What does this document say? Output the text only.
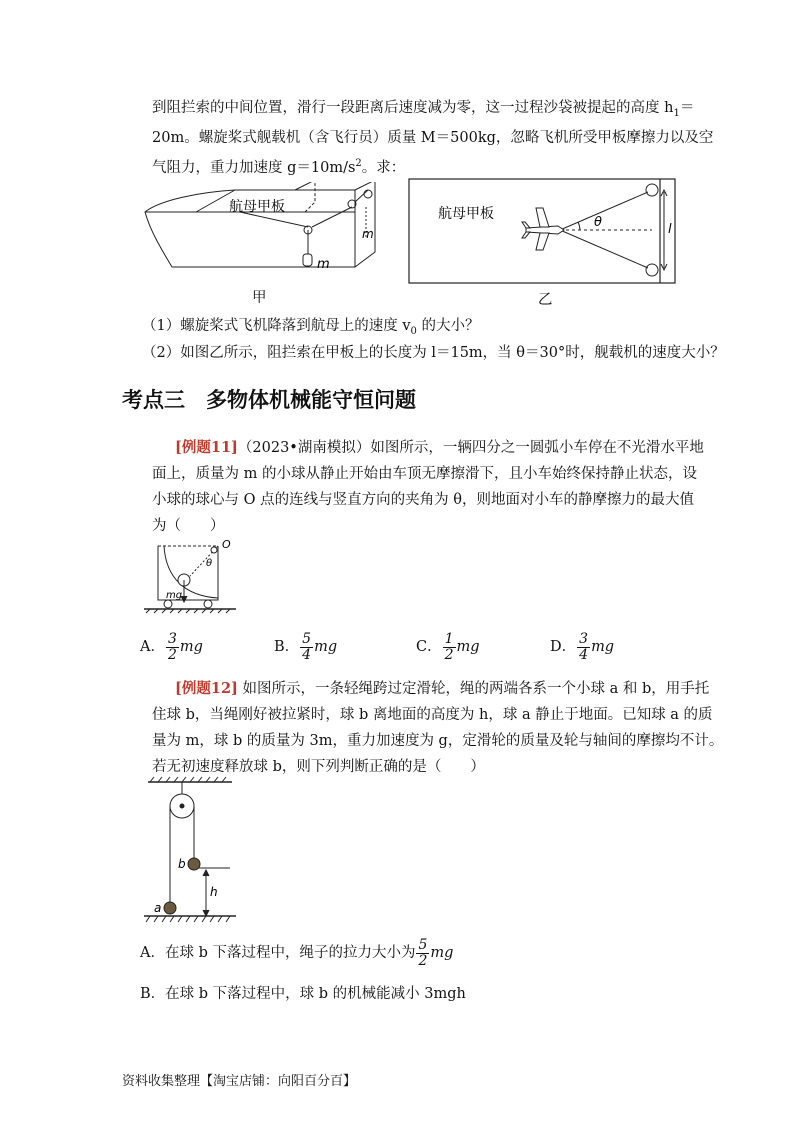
到阻拦索的中间位置，滑行一段距离后速度减为零，这一过程沙袋被提起的高度 $h_1=$
20m。螺旋桨式舰载机（含飞行员）质量 M＝500kg，忽略飞机所受甲板摩擦力以及空
气阻力，重力加速度 $g=10m/s^2$。求：
航母甲板
m
m
甲
航母甲板
θ	l
乙
（1）螺旋桨式飞机降落到航母上的速度 $v_0$ 的大小？
（2）如图乙所示，阻拦索在甲板上的长度为 l＝15m，当 θ＝30°时，舰载机的速度大小？
考点三　多物体机械能守恒问题
[例题11]（2023•湖南模拟）如图所示，一辆四分之一圆弧小车停在不光滑水平地
面上，质量为 m 的小球从静止开始由车顶无摩擦滑下，且小车始终保持静止状态，设
小球的球心与 O 点的连线与竖直方向的夹角为 θ，则地面对小车的静摩擦力的最大值
为（　　）
O
θ
mg
A． $\frac{3}{2}$ mg	B． $\frac{5}{4}$ mg	C． $\frac{1}{2}$ mg	D． $\frac{3}{4}$ mg
[例题12] 如图所示，一条轻绳跨过定滑轮，绳的两端各系一个小球 a 和 b，用手托
住球 b，当绳刚好被拉紧时，球 b 离地面的高度为 h，球 a 静止于地面。已知球 a 的质
量为 m，球 b 的质量为 3m，重力加速度为 g，定滑轮的质量及轮与轴间的摩擦均不计。
若无初速度释放球 b，则下列判断正确的是（　　）
b
h
a
A．在球 b 下落过程中，绳子的拉力大小为 $\frac{5}{2}$ mg
B．在球 b 下落过程中，球 b 的机械能减小 3mgh
资料收集整理【淘宝店铺：向阳百分百】
